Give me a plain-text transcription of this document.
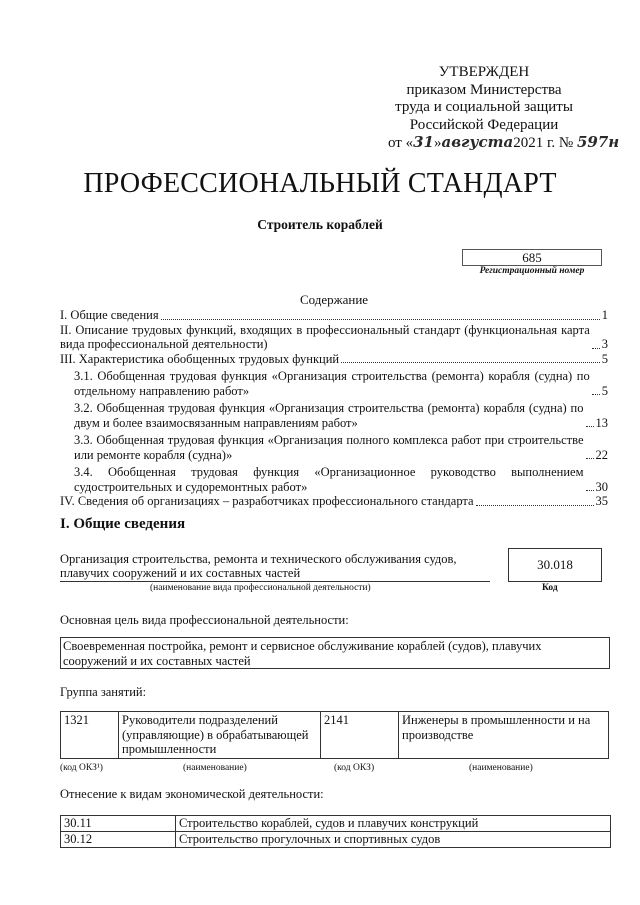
УТВЕРЖДЕН
приказом Министерства
труда и социальной защиты
Российской Федерации
от «31»августа2021 г. № 597н
ПРОФЕССИОНАЛЬНЫЙ СТАНДАРТ
Строитель кораблей
685
Регистрационный номер
Содержание
I. Общие сведения	1
II. Описание трудовых функций, входящих в профессиональный стандарт (функциональная карта вида профессиональной деятельности)	3
III. Характеристика обобщенных трудовых функций	5
3.1. Обобщенная трудовая функция «Организация строительства (ремонта) корабля (судна) по отдельному направлению работ»	5
3.2. Обобщенная трудовая функция «Организация строительства (ремонта) корабля (судна) по двум и более взаимосвязанным направлениям работ»	13
3.3. Обобщенная трудовая функция «Организация полного комплекса работ при строительстве или ремонте корабля (судна)»	22
3.4. Обобщенная трудовая функция «Организационное руководство выполнением судостроительных и судоремонтных работ»	30
IV. Сведения об организациях – разработчиках профессионального стандарта	35
I. Общие сведения
Организация строительства, ремонта и технического обслуживания судов, плавучих сооружений и их составных частей
30.018
(наименование вида профессиональной деятельности)	Код
Основная цель вида профессиональной деятельности:
Своевременная постройка, ремонт и сервисное обслуживание кораблей (судов), плавучих сооружений и их составных частей
Группа занятий:
1321	Руководители подразделений (управляющие) в обрабатывающей промышленности	2141	Инженеры в промышленности и на производстве
(код ОКЗ¹)	(наименование)	(код ОКЗ)	(наименование)
Отнесение к видам экономической деятельности:
30.11	Строительство кораблей, судов и плавучих конструкций
30.12	Строительство прогулочных и спортивных судов
